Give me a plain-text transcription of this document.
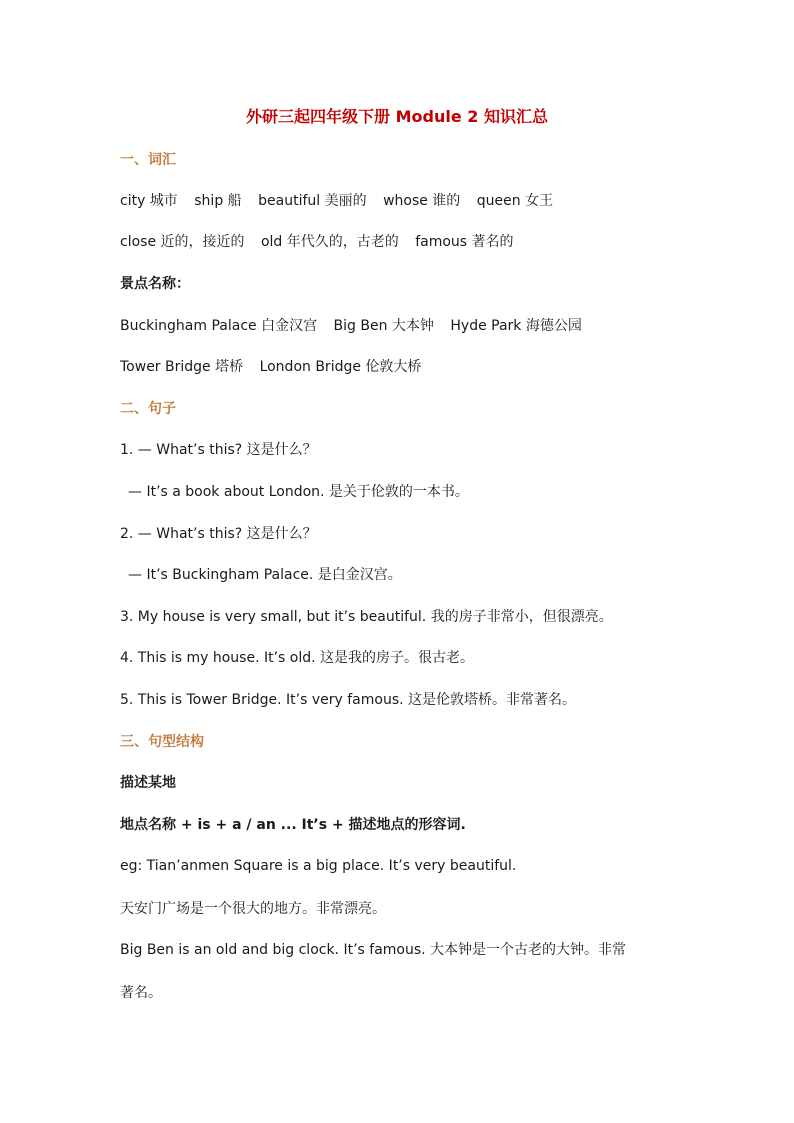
外研三起四年级下册 Module 2 知识汇总
一、词汇
city 城市 ship 船 beautiful 美丽的 whose 谁的 queen 女王
close 近的，接近的 old 年代久的，古老的 famous 著名的
景点名称：
Buckingham Palace 白金汉宫 Big Ben 大本钟 Hyde Park 海德公园
Tower Bridge 塔桥 London Bridge 伦敦大桥
二、句子
1. — What’s this? 这是什么？
— It’s a book about London. 是关于伦敦的一本书。
2. — What’s this? 这是什么？
— It’s Buckingham Palace. 是白金汉宫。
3. My house is very small, but it’s beautiful. 我的房子非常小，但很漂亮。
4. This is my house. It’s old. 这是我的房子。很古老。
5. This is Tower Bridge. It’s very famous. 这是伦敦塔桥。非常著名。
三、句型结构
描述某地
地点名称 + is + a / an ... It’s + 描述地点的形容词.
eg: Tian’anmen Square is a big place. It’s very beautiful.
天安门广场是一个很大的地方。非常漂亮。
Big Ben is an old and big clock. It’s famous. 大本钟是一个古老的大钟。非常
著名。
